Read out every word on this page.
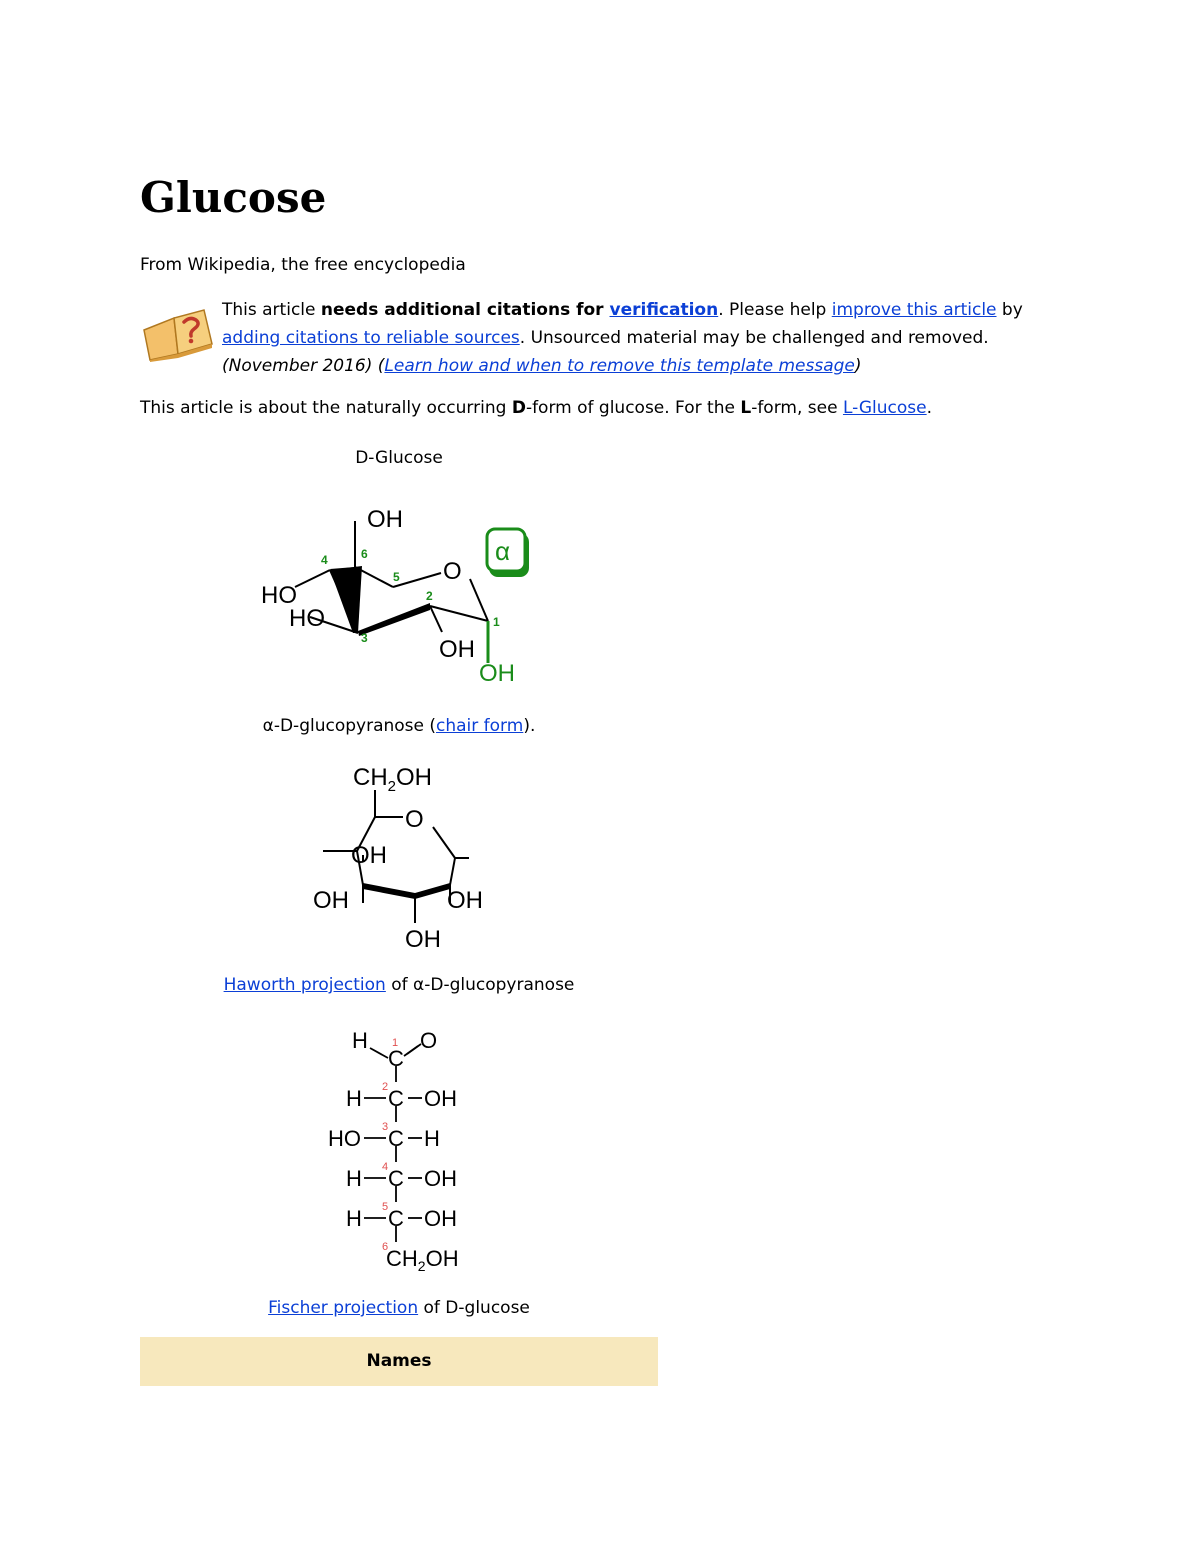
Glucose
From Wikipedia, the free encyclopedia
This article needs additional citations for verification. Please help improve this article by
adding citations to reliable sources. Unsourced material may be challenged and removed.
(November 2016) (Learn how and when to remove this template message)
This article is about the naturally occurring D-form of glucose. For the L-form, see L-Glucose.
D-Glucose
OH
HO
HO
OH
OH
O
α
1
2
3
4
5
6
α-D-glucopyranose (chair form).
$CH_2OH$
O
OH
OH	OH
OH
Haworth projection of α-D-glucopyranose
H
C
O
H C OH
HO C H
H C OH
H C OH
$CH_2OH$
1
2
3
4
5
6
Fischer projection of D-glucose
Names
